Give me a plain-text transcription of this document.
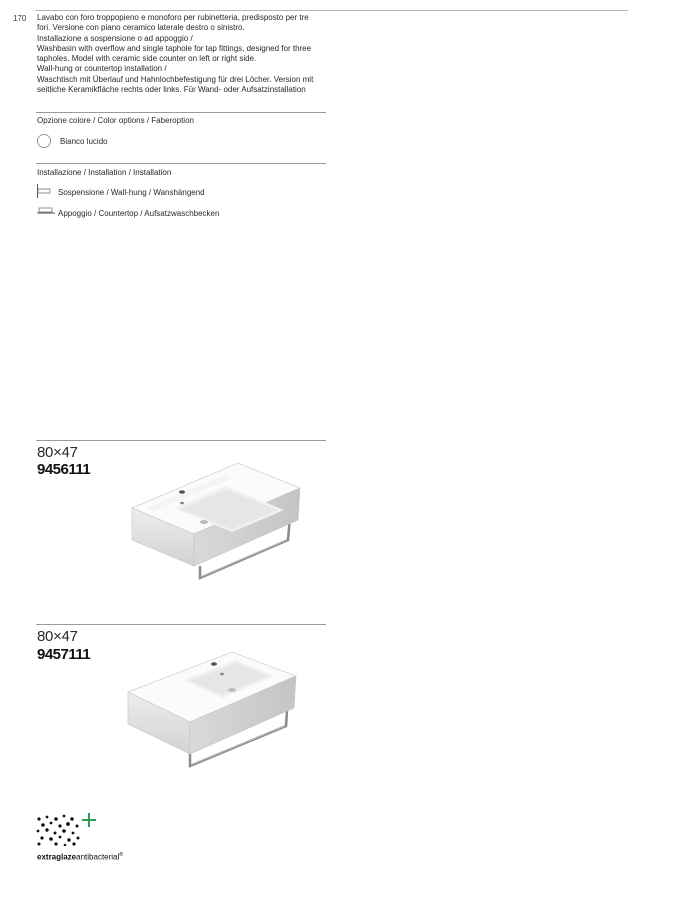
170 Lavabo con foro troppopieno e monoforo per rubinetteria, predisposto per tre
fori. Versione con piano ceramico laterale destro o sinistro.
Installazione a sospensione o ad appoggio /
Washbasin with overflow and single taphole for tap fittings, designed for three
tapholes. Model with ceramic side counter on left or right side.
Wall-hung or countertop installation /
Waschtisch mit Überlauf und Hahnlochbefestigung für drei Löcher. Version mit
seitliche Keramikfläche rechts oder links. Für Wand- oder Aufsatzinstallation
Opzione colore / Color options / Faberoption
Bianco lucido
Installazione / Installation / Installation
Sospensione / Wall-hung / Wanshängend
Appoggio / Countertop / Aufsatzwaschbecken
80×47
9456111
80×47
9457111
extraglazeantibacterial®
